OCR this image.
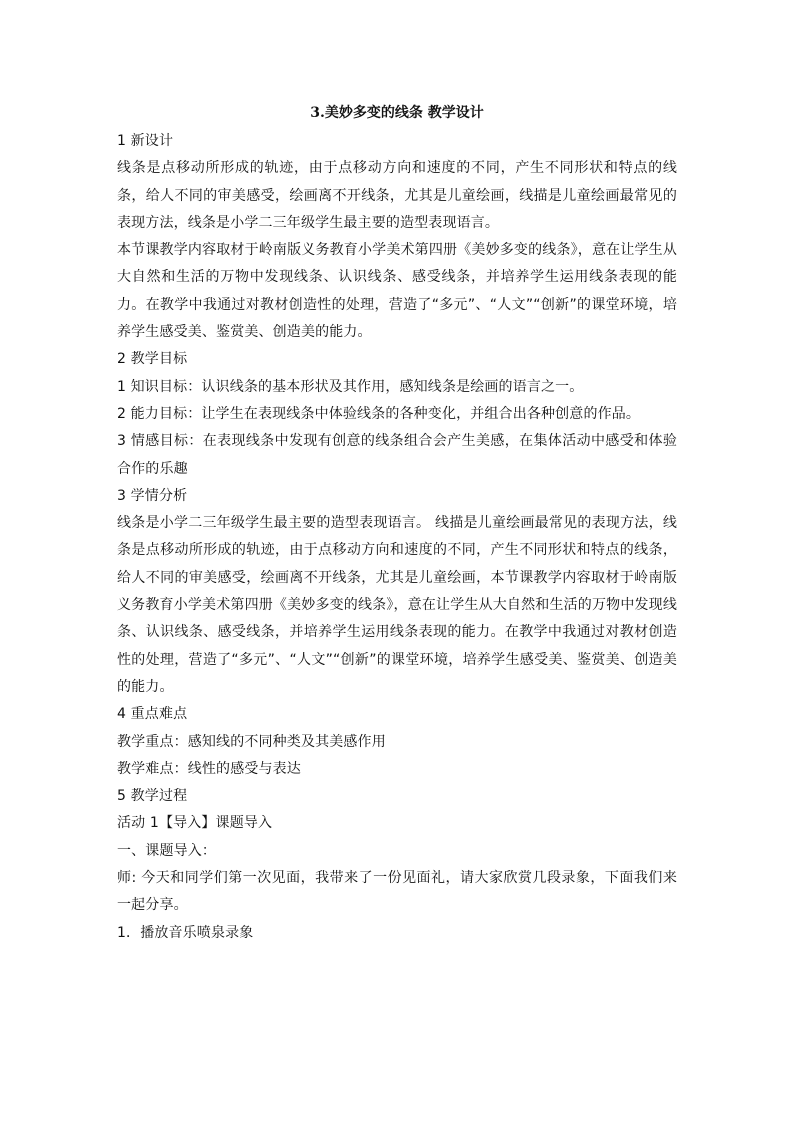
3.美妙多变的线条 教学设计

1 新设计

线条是点移动所形成的轨迹，由于点移动方向和速度的不同，产生不同形状和特点的线条，给人不同的审美感受，绘画离不开线条，尤其是儿童绘画，线描是儿童绘画最常见的表现方法，线条是小学二三年级学生最主要的造型表现语言。

本节课教学内容取材于岭南版义务教育小学美术第四册《美妙多变的线条》，意在让学生从大自然和生活的万物中发现线条、认识线条、感受线条，并培养学生运用线条表现的能力。在教学中我通过对教材创造性的处理，营造了“多元”、“人文”“创新”的课堂环境，培养学生感受美、鉴赏美、创造美的能力。

2 教学目标

1 知识目标：认识线条的基本形状及其作用，感知线条是绘画的语言之一。

2 能力目标：让学生在表现线条中体验线条的各种变化，并组合出各种创意的作品。

3 情感目标：在表现线条中发现有创意的线条组合会产生美感，在集体活动中感受和体验合作的乐趣

3 学情分析

线条是小学二三年级学生最主要的造型表现语言。 线描是儿童绘画最常见的表现方法，线条是点移动所形成的轨迹，由于点移动方向和速度的不同，产生不同形状和特点的线条，给人不同的审美感受，绘画离不开线条，尤其是儿童绘画，本节课教学内容取材于岭南版义务教育小学美术第四册《美妙多变的线条》，意在让学生从大自然和生活的万物中发现线条、认识线条、感受线条，并培养学生运用线条表现的能力。在教学中我通过对教材创造性的处理，营造了“多元”、“人文”“创新”的课堂环境，培养学生感受美、鉴赏美、创造美的能力。

4 重点难点

教学重点：感知线的不同种类及其美感作用

教学难点：线性的感受与表达

5 教学过程

活动 1【导入】课题导入

一、课题导入：

师: 今天和同学们第一次见面，我带来了一份见面礼，请大家欣赏几段录象，下面我们来一起分享。

1．播放音乐喷泉录象
